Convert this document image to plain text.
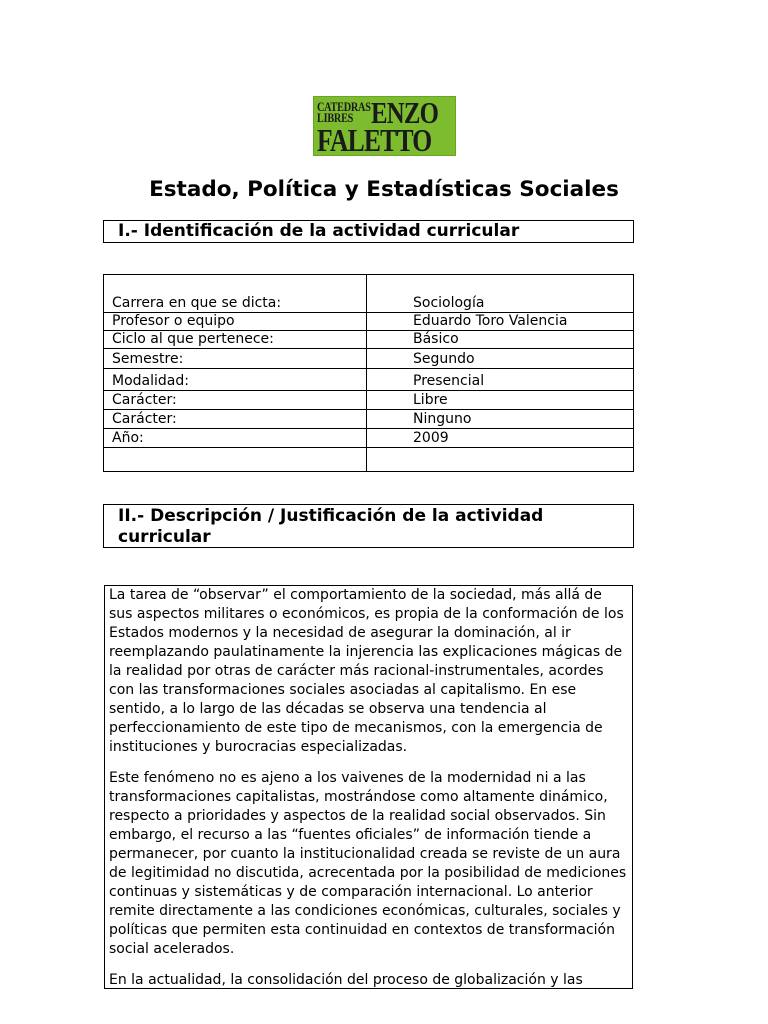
CATEDRAS
LIBRES ENZO
FALETTO
Estado, Política y Estadísticas Sociales
I.- Identificación de la actividad curricular
Carrera en que se dicta:	Sociología
Profesor o equipo	Eduardo Toro Valencia
Ciclo al que pertenece:	Básico
Semestre:	Segundo
Modalidad:	Presencial
Carácter:	Libre
Carácter:	Ninguno
Año:	2009

II.- Descripción / Justificación de la actividad curricular

La tarea de “observar” el comportamiento de la sociedad, más allá de sus aspectos militares o económicos, es propia de la conformación de los Estados modernos y la necesidad de asegurar la dominación, al ir reemplazando paulatinamente la injerencia las explicaciones mágicas de la realidad por otras de carácter más racional-instrumentales, acordes con las transformaciones sociales asociadas al capitalismo. En ese sentido, a lo largo de las décadas se observa una tendencia al perfeccionamiento de este tipo de mecanismos, con la emergencia de instituciones y burocracias especializadas.

Este fenómeno no es ajeno a los vaivenes de la modernidad ni a las transformaciones capitalistas, mostrándose como altamente dinámico, respecto a prioridades y aspectos de la realidad social observados. Sin embargo, el recurso a las “fuentes oficiales” de información tiende a permanecer, por cuanto la institucionalidad creada se reviste de un aura de legitimidad no discutida, acrecentada por la posibilidad de mediciones continuas y sistemáticas y de comparación internacional. Lo anterior remite directamente a las condiciones económicas, culturales, sociales y políticas que permiten esta continuidad en contextos de transformación social acelerados.

En la actualidad, la consolidación del proceso de globalización y las
